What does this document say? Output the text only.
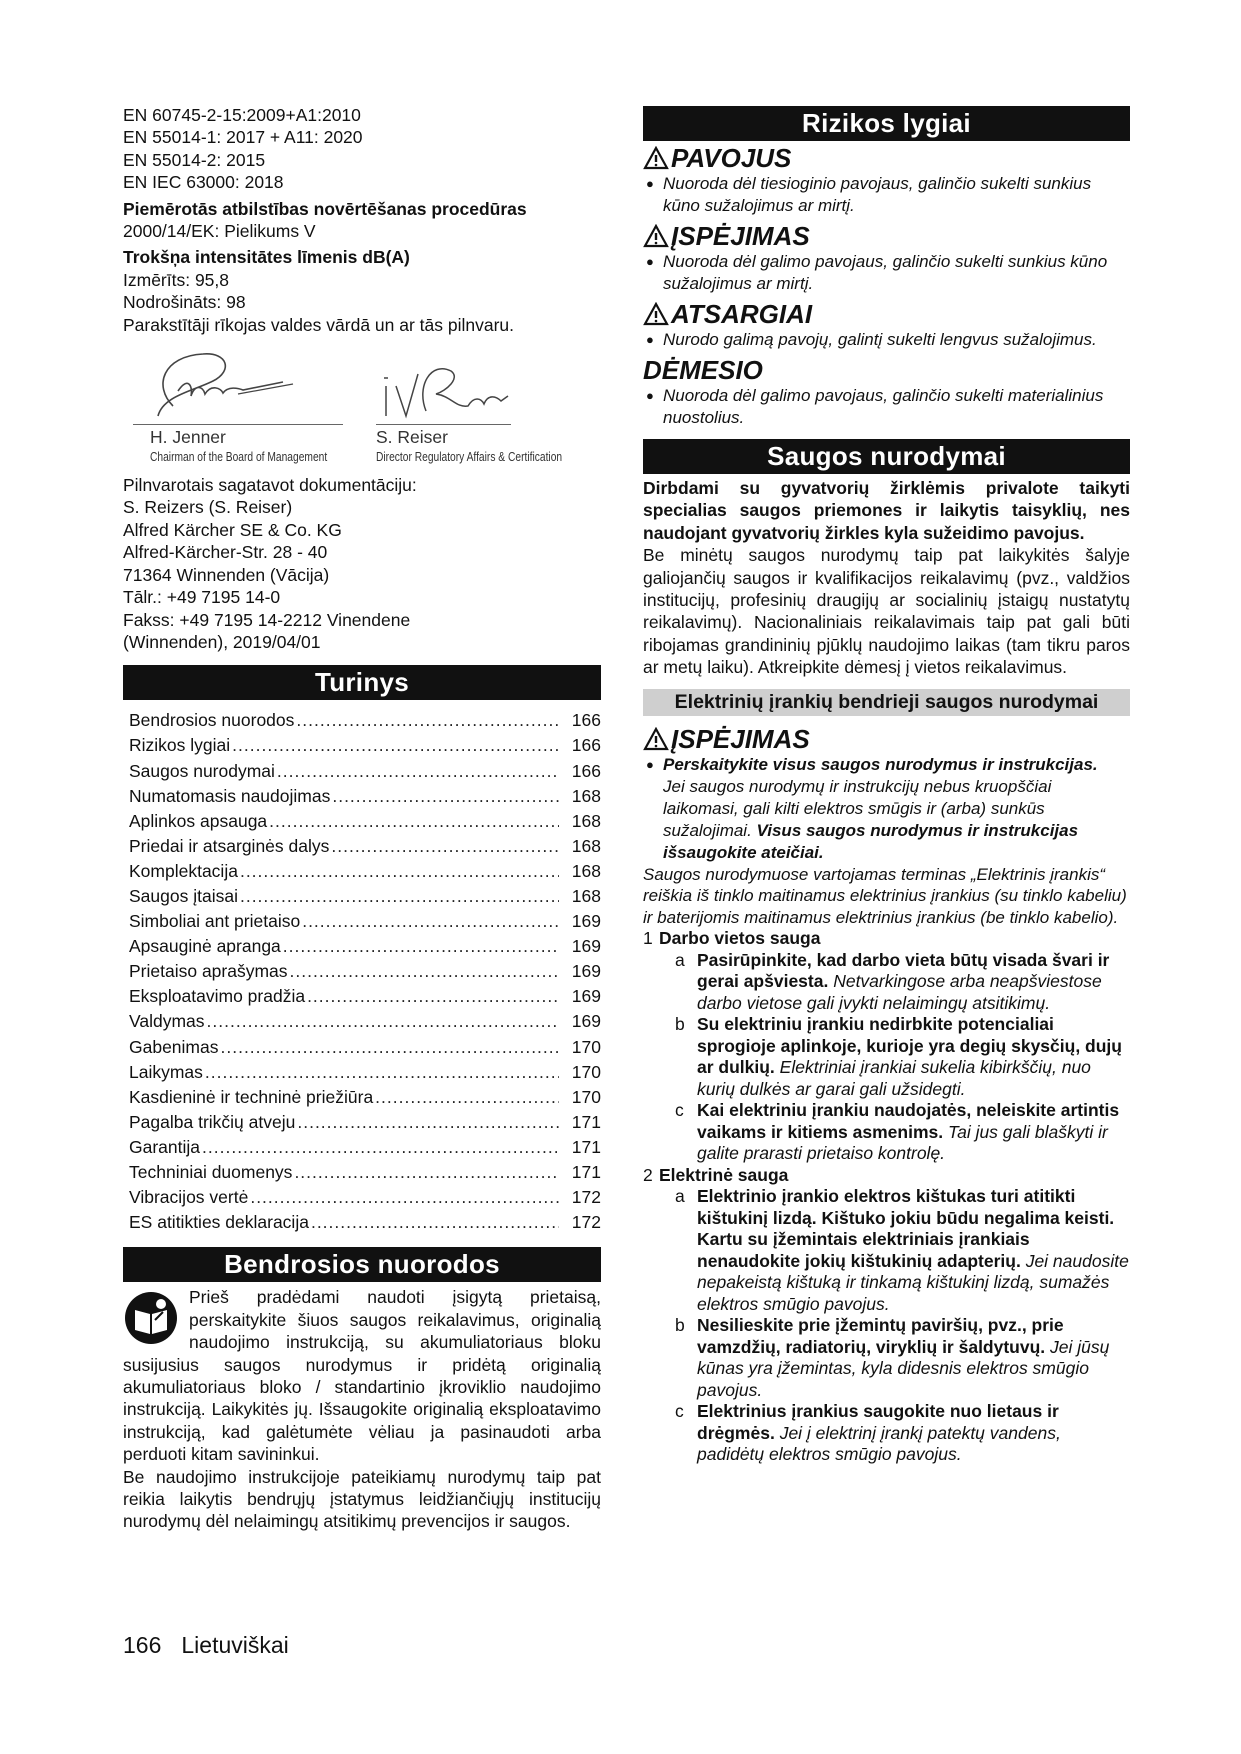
EN 60745-2-15:2009+A1:2010
EN 55014-1: 2017 + A11: 2020
EN 55014-2: 2015
EN IEC 63000: 2018
Piemērotās atbilstības novērtēšanas procedūras
2000/14/EK: Pielikums V
Trokšņa intensitātes līmenis dB(A)
Izmērīts: 95,8
Nodrošināts: 98
Parakstītāji rīkojas valdes vārdā un ar tās pilnvaru.
H. Jenner
Chairman of the Board of Management
S. Reiser
Director Regulatory Affairs & Certification
Pilnvarotais sagatavot dokumentāciju:
S. Reizers (S. Reiser)
Alfred Kärcher SE & Co. KG
Alfred-Kärcher-Str. 28 - 40
71364 Winnenden (Vācija)
Tālr.: +49 7195 14-0
Fakss: +49 7195 14-2212 Vinendene
(Winnenden), 2019/04/01
Turinys
Bendrosios nuorodos .....	166
Rizikos lygiai .....	166
Saugos nurodymai .....	166
Numatomasis naudojimas .....	168
Aplinkos apsauga .....	168
Priedai ir atsarginės dalys .....	168
Komplektacija .....	168
Saugos įtaisai .....	168
Simboliai ant prietaiso .....	169
Apsauginė apranga .....	169
Prietaiso aprašymas .....	169
Eksploatavimo pradžia .....	169
Valdymas .....	169
Gabenimas .....	170
Laikymas .....	170
Kasdieninė ir techninė priežiūra .....	170
Pagalba trikčių atveju .....	171
Garantija .....	171
Techniniai duomenys .....	171
Vibracijos vertė .....	172
ES atitikties deklaracija .....	172
Bendrosios nuorodos
Prieš pradėdami naudoti įsigytą prietaisą, perskaitykite šiuos saugos reikalavimus, originalią naudojimo instrukciją, su akumuliatoriaus bloku susijusius saugos nurodymus ir pridėtą originalią akumuliatoriaus bloko / standartinio įkroviklio naudojimo instrukciją. Laikykitės jų. Išsaugokite originalią eksploatavimo instrukciją, kad galėtumėte vėliau ja pasinaudoti arba perduoti kitam savininkui.
Be naudojimo instrukcijoje pateikiamų nurodymų taip pat reikia laikytis bendrųjų įstatymus leidžiančiųjų institucijų nurodymų dėl nelaimingų atsitikimų prevencijos ir saugos.
Rizikos lygiai
PAVOJUS
● Nuoroda dėl tiesioginio pavojaus, galinčio sukelti sunkius kūno sužalojimus ar mirtį.
ĮSPĖJIMAS
● Nuoroda dėl galimo pavojaus, galinčio sukelti sunkius kūno sužalojimus ar mirtį.
ATSARGIAI
● Nurodo galimą pavojų, galintį sukelti lengvus sužalojimus.
DĖMESIO
● Nuoroda dėl galimo pavojaus, galinčio sukelti materialinius nuostolius.
Saugos nurodymai
Dirbdami su gyvatvorių žirklėmis privalote taikyti specialias saugos priemones ir laikytis taisyklių, nes naudojant gyvatvorių žirkles kyla sužeidimo pavojus.
Be minėtų saugos nurodymų taip pat laikykitės šalyje galiojančių saugos ir kvalifikacijos reikalavimų (pvz., valdžios institucijų, profesinių draugijų ar socialinių įstaigų nustatytų reikalavimų). Nacionaliniais reikalavimais taip pat gali būti ribojamas grandininių pjūklų naudojimo laikas (tam tikru paros ar metų laiku). Atkreipkite dėmesį į vietos reikalavimus.
Elektrinių įrankių bendrieji saugos nurodymai
ĮSPĖJIMAS
● Perskaitykite visus saugos nurodymus ir instrukcijas.
Jei saugos nurodymų ir instrukcijų nebus kruopščiai laikomasi, gali kilti elektros smūgis ir (arba) sunkūs sužalojimai. Visus saugos nurodymus ir instrukcijas išsaugokite ateičiai.
Saugos nurodymuose vartojamas terminas „Elektrinis įrankis“ reiškia iš tinklo maitinamus elektrinius įrankius (su tinklo kabeliu) ir baterijomis maitinamus elektrinius įrankius (be tinklo kabelio).
1 Darbo vietos sauga
a Pasirūpinkite, kad darbo vieta būtų visada švari ir gerai apšviesta. Netvarkingose arba neapšviestose darbo vietose gali įvykti nelaimingų atsitikimų.
b Su elektriniu įrankiu nedirbkite potencialiai sprogioje aplinkoje, kurioje yra degių skysčių, dujų ar dulkių. Elektriniai įrankiai sukelia kibirkščių, nuo kurių dulkės ar garai gali užsidegti.
c Kai elektriniu įrankiu naudojatės, neleiskite artintis vaikams ir kitiems asmenims. Tai jus gali blaškyti ir galite prarasti prietaiso kontrolę.
2 Elektrinė sauga
a Elektrinio įrankio elektros kištukas turi atitikti kištukinį lizdą. Kištuko jokiu būdu negalima keisti. Kartu su įžemintais elektriniais įrankiais nenaudokite jokių kištukinių adapterių. Jei naudosite nepakeistą kištuką ir tinkamą kištukinį lizdą, sumažės elektros smūgio pavojus.
b Nesilieskite prie įžemintų paviršių, pvz., prie vamzdžių, radiatorių, viryklių ir šaldytuvų. Jei jūsų kūnas yra įžemintas, kyla didesnis elektros smūgio pavojus.
c Elektrinius įrankius saugokite nuo lietaus ir drėgmės. Jei į elektrinį įrankį patektų vandens, padidėtų elektros smūgio pavojus.
166 Lietuviškai
